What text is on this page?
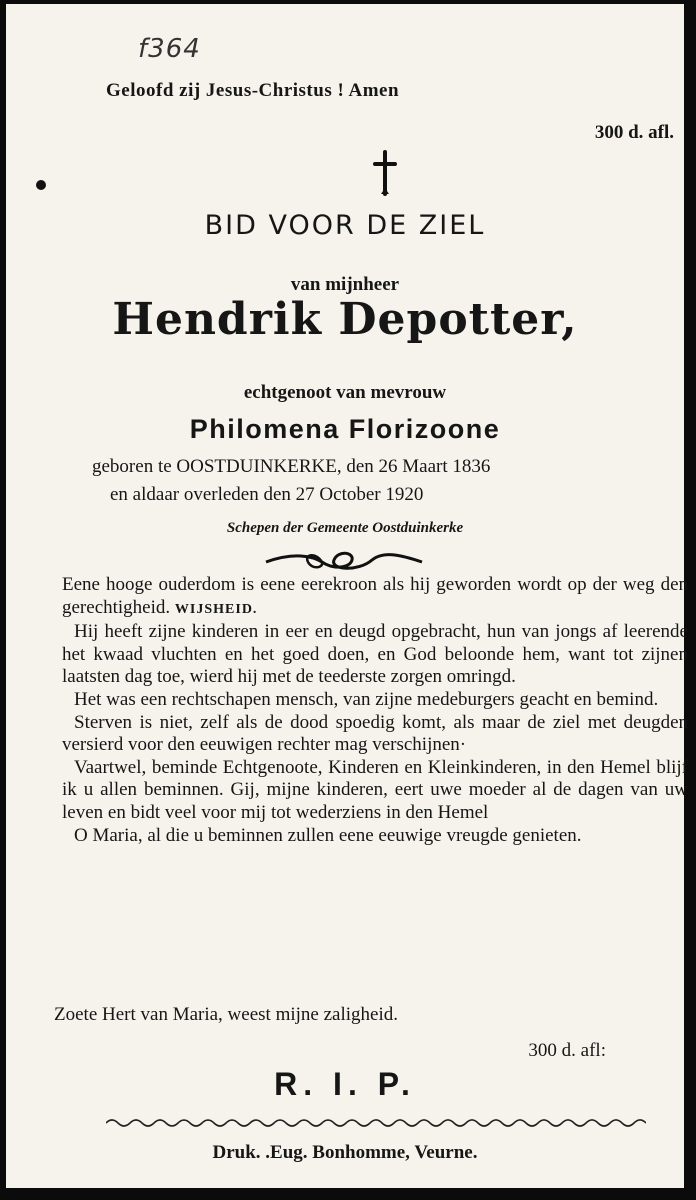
f364
Geloofd zij Jesus-Christus ! Amen
300 d. afl.
BID VOOR DE ZIEL
van mijnheer
Hendrik Depotter,
echtgenoot van mevrouw
Philomena Florizoone
geboren te OOSTDUINKERKE, den 26 Maart 1836
en aldaar overleden den 27 October 1920
Schepen der Gemeente Oostduinkerke

Eene hooge ouderdom is eene eerekroon als hij geworden wordt op der weg den gerechtigheid. WIJSHEID.

Hij heeft zijne kinderen in eer en deugd opgebracht, hun van jongs af leerende het kwaad vluchten en het goed doen, en God beloonde hem, want tot zijnen laatsten dag toe, wierd hij met de teederste zorgen omringd.

Het was een rechtschapen mensch, van zijne medeburgers geacht en bemind.

Sterven is niet, zelf als de dood spoedig komt, als maar de ziel met deugden versierd voor den eeuwigen rechter mag verschijnen·

Vaartwel, beminde Echtgenoote, Kinderen en Kleinkinderen, in den Hemel blijf ik u allen beminnen. Gij, mijne kinderen, eert uwe moeder al de dagen van uw leven en bidt veel voor mij tot wederziens in den Hemel

O Maria, al die u beminnen zullen eene eeuwige vreugde genieten.

Zoete Hert van Maria, weest mijne zaligheid.
300 d. afl:
R. I. P.
Druk. .Eug. Bonhomme, Veurne.
